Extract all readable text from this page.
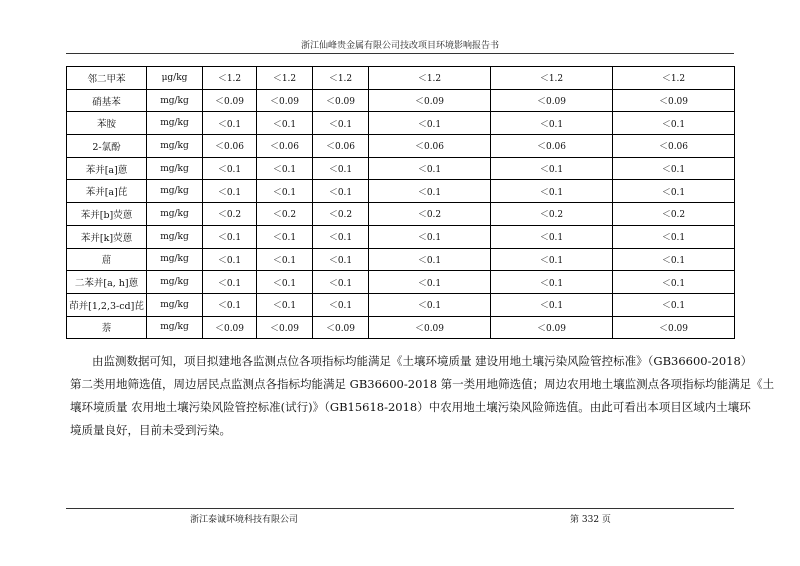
浙江仙峰贵金属有限公司技改项目环境影响报告书
邻二甲苯	μg/kg	＜1.2	＜1.2	＜1.2	＜1.2	＜1.2	＜1.2
硝基苯	mg/kg	＜0.09	＜0.09	＜0.09	＜0.09	＜0.09	＜0.09
苯胺	mg/kg	＜0.1	＜0.1	＜0.1	＜0.1	＜0.1	＜0.1
2-氯酚	mg/kg	＜0.06	＜0.06	＜0.06	＜0.06	＜0.06	＜0.06
苯并[a]蒽	mg/kg	＜0.1	＜0.1	＜0.1	＜0.1	＜0.1	＜0.1
苯并[a]芘	mg/kg	＜0.1	＜0.1	＜0.1	＜0.1	＜0.1	＜0.1
苯并[b]荧蒽	mg/kg	＜0.2	＜0.2	＜0.2	＜0.2	＜0.2	＜0.2
苯并[k]荧蒽	mg/kg	＜0.1	＜0.1	＜0.1	＜0.1	＜0.1	＜0.1
䓛	mg/kg	＜0.1	＜0.1	＜0.1	＜0.1	＜0.1	＜0.1
二苯并[a, h]蒽	mg/kg	＜0.1	＜0.1	＜0.1	＜0.1	＜0.1	＜0.1
茚并[1,2,3-cd]芘	mg/kg	＜0.1	＜0.1	＜0.1	＜0.1	＜0.1	＜0.1
萘	mg/kg	＜0.09	＜0.09	＜0.09	＜0.09	＜0.09	＜0.09
由监测数据可知，项目拟建地各监测点位各项指标均能满足《土壤环境质量 建设用地土壤污染风险管控标准》（GB36600-2018）
第二类用地筛选值，周边居民点监测点各指标均能满足 GB36600-2018 第一类用地筛选值；周边农用地土壤监测点各项指标均能满足《土
壤环境质量 农用地土壤污染风险管控标准(试行)》（GB15618-2018）中农用地土壤污染风险筛选值。由此可看出本项目区域内土壤环
境质量良好，目前未受到污染。
浙江泰诚环境科技有限公司	第 332 页
